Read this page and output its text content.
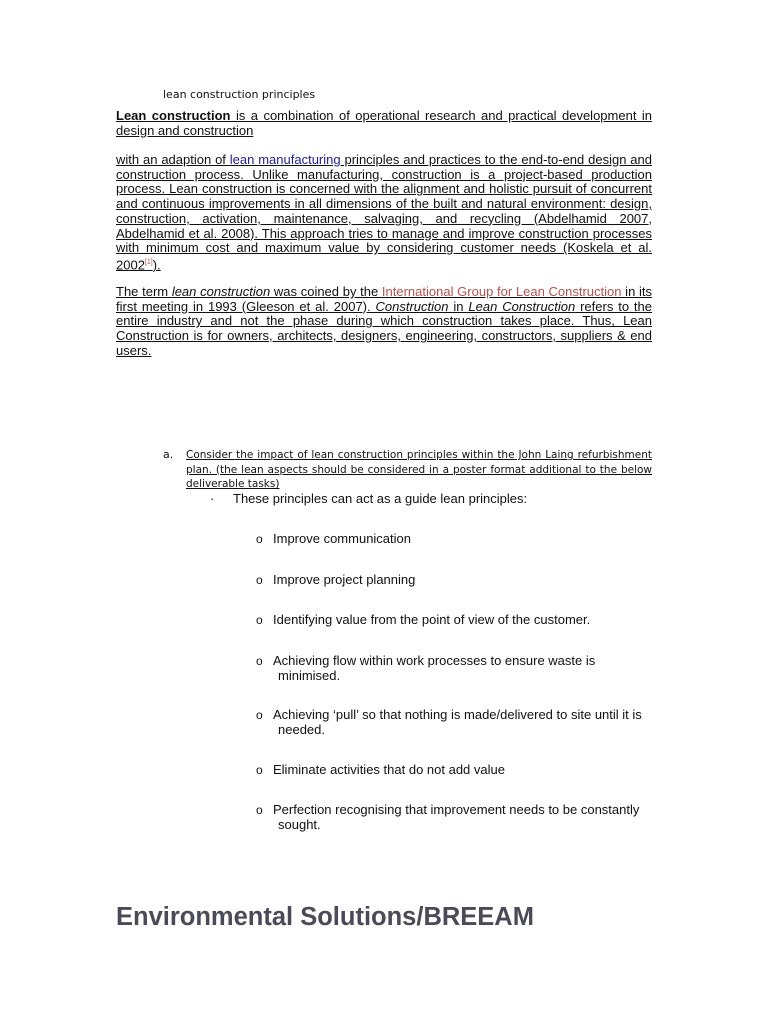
lean construction principles
Lean construction is a combination of operational research and practical development in design and construction
with an adaption of lean manufacturing principles and practices to the end-to-end design and construction process. Unlike manufacturing, construction is a project-based production process. Lean construction is concerned with the alignment and holistic pursuit of concurrent and continuous improvements in all dimensions of the built and natural environment: design, construction, activation, maintenance, salvaging, and recycling (Abdelhamid 2007, Abdelhamid et al. 2008). This approach tries to manage and improve construction processes with minimum cost and maximum value by considering customer needs (Koskela et al. 2002[1]).
The term lean construction was coined by the International Group for Lean Construction in its first meeting in 1993 (Gleeson et al. 2007). Construction in Lean Construction refers to the entire industry and not the phase during which construction takes place. Thus, Lean Construction is for owners, architects, designers, engineering, constructors, suppliers & end users.
a. Consider the impact of lean construction principles within the John Laing refurbishment plan. (the lean aspects should be considered in a poster format additional to the below deliverable tasks)
· These principles can act as a guide lean principles:
o Improve communication
o Improve project planning
o Identifying value from the point of view of the customer.
o Achieving flow within work processes to ensure waste is
minimised.
o Achieving ‘pull’ so that nothing is made/delivered to site until it is
needed.
o Eliminate activities that do not add value
o Perfection recognising that improvement needs to be constantly
sought.
Environmental Solutions/BREEAM
